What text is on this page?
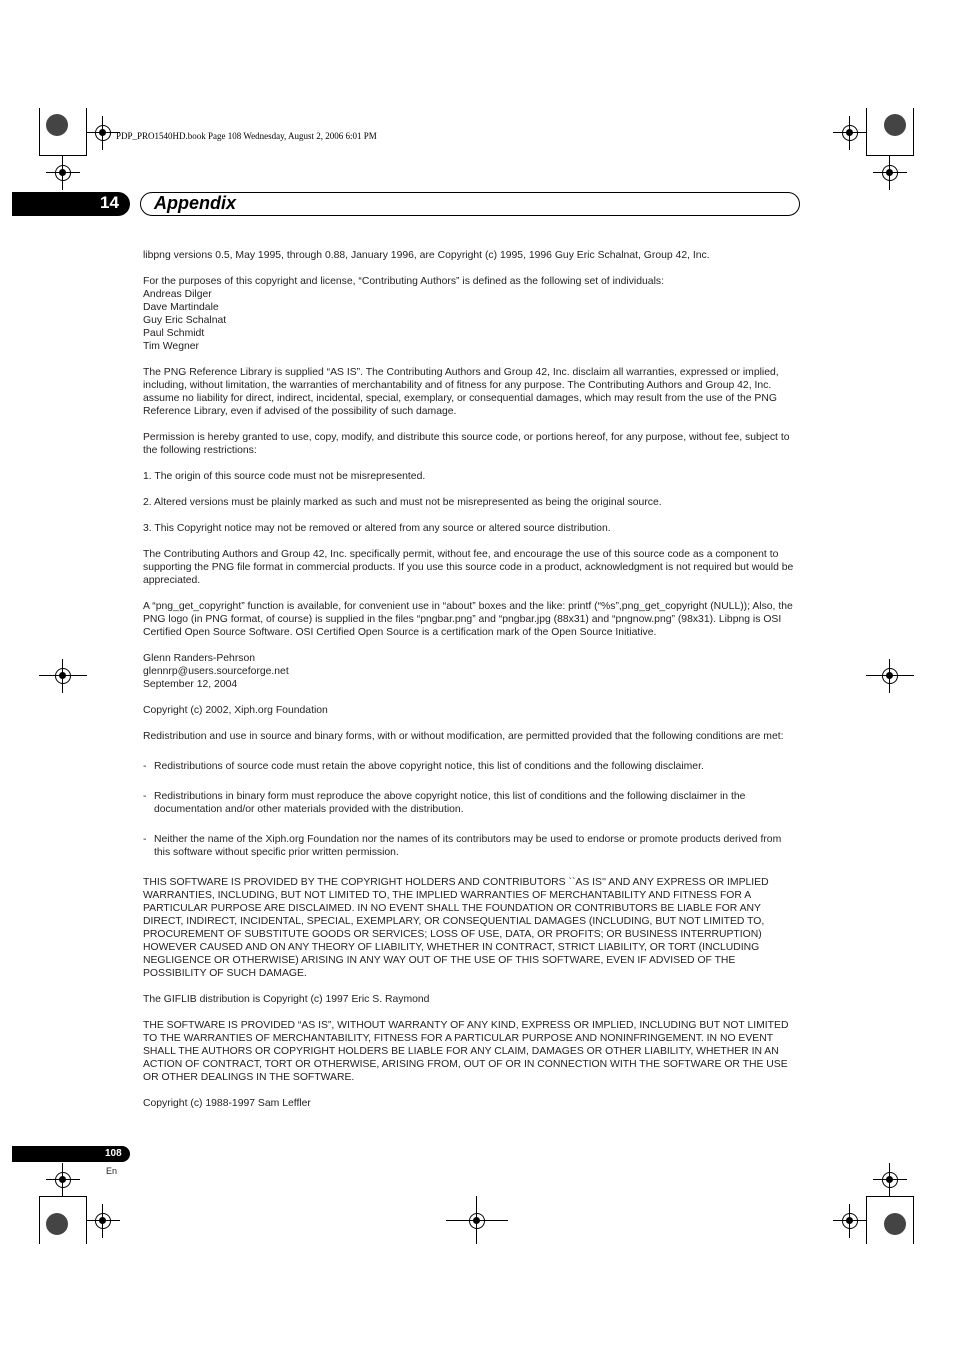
PDP_PRO1540HD.book Page 108 Wednesday, August 2, 2006 6:01 PM
14 Appendix

libpng versions 0.5, May 1995, through 0.88, January 1996, are Copyright (c) 1995, 1996 Guy Eric Schalnat, Group 42, Inc.

For the purposes of this copyright and license, “Contributing Authors” is defined as the following set of individuals:
Andreas Dilger
Dave Martindale
Guy Eric Schalnat
Paul Schmidt
Tim Wegner

The PNG Reference Library is supplied “AS IS”. The Contributing Authors and Group 42, Inc. disclaim all warranties, expressed or implied, including, without limitation, the warranties of merchantability and of fitness for any purpose. The Contributing Authors and Group 42, Inc. assume no liability for direct, indirect, incidental, special, exemplary, or consequential damages, which may result from the use of the PNG Reference Library, even if advised of the possibility of such damage.

Permission is hereby granted to use, copy, modify, and distribute this source code, or portions hereof, for any purpose, without fee, subject to the following restrictions:

1. The origin of this source code must not be misrepresented.

2. Altered versions must be plainly marked as such and must not be misrepresented as being the original source.

3. This Copyright notice may not be removed or altered from any source or altered source distribution.

The Contributing Authors and Group 42, Inc. specifically permit, without fee, and encourage the use of this source code as a component to supporting the PNG file format in commercial products. If you use this source code in a product, acknowledgment is not required but would be appreciated.

A “png_get_copyright” function is available, for convenient use in “about” boxes and the like: printf (“%s”,png_get_copyright (NULL)); Also, the PNG logo (in PNG format, of course) is supplied in the files “pngbar.png” and “pngbar.jpg (88x31) and “pngnow.png” (98x31). Libpng is OSI Certified Open Source Software. OSI Certified Open Source is a certification mark of the Open Source Initiative.

Glenn Randers-Pehrson
glennrp@users.sourceforge.net
September 12, 2004

Copyright (c) 2002, Xiph.org Foundation

Redistribution and use in source and binary forms, with or without modification, are permitted provided that the following conditions are met:

- Redistributions of source code must retain the above copyright notice, this list of conditions and the following disclaimer.
- Redistributions in binary form must reproduce the above copyright notice, this list of conditions and the following disclaimer in the documentation and/or other materials provided with the distribution.
- Neither the name of the Xiph.org Foundation nor the names of its contributors may be used to endorse or promote products derived from this software without specific prior written permission.

THIS SOFTWARE IS PROVIDED BY THE COPYRIGHT HOLDERS AND CONTRIBUTORS ``AS IS'' AND ANY EXPRESS OR IMPLIED WARRANTIES, INCLUDING, BUT NOT LIMITED TO, THE IMPLIED WARRANTIES OF MERCHANTABILITY AND FITNESS FOR A PARTICULAR PURPOSE ARE DISCLAIMED. IN NO EVENT SHALL THE FOUNDATION OR CONTRIBUTORS BE LIABLE FOR ANY DIRECT, INDIRECT, INCIDENTAL, SPECIAL, EXEMPLARY, OR CONSEQUENTIAL DAMAGES (INCLUDING, BUT NOT LIMITED TO, PROCUREMENT OF SUBSTITUTE GOODS OR SERVICES; LOSS OF USE, DATA, OR PROFITS; OR BUSINESS INTERRUPTION) HOWEVER CAUSED AND ON ANY THEORY OF LIABILITY, WHETHER IN CONTRACT, STRICT LIABILITY, OR TORT (INCLUDING NEGLIGENCE OR OTHERWISE) ARISING IN ANY WAY OUT OF THE USE OF THIS SOFTWARE, EVEN IF ADVISED OF THE POSSIBILITY OF SUCH DAMAGE.

The GIFLIB distribution is Copyright (c) 1997 Eric S. Raymond

THE SOFTWARE IS PROVIDED “AS IS”, WITHOUT WARRANTY OF ANY KIND, EXPRESS OR IMPLIED, INCLUDING BUT NOT LIMITED TO THE WARRANTIES OF MERCHANTABILITY, FITNESS FOR A PARTICULAR PURPOSE AND NONINFRINGEMENT. IN NO EVENT SHALL THE AUTHORS OR COPYRIGHT HOLDERS BE LIABLE FOR ANY CLAIM, DAMAGES OR OTHER LIABILITY, WHETHER IN AN ACTION OF CONTRACT, TORT OR OTHERWISE, ARISING FROM, OUT OF OR IN CONNECTION WITH THE SOFTWARE OR THE USE OR OTHER DEALINGS IN THE SOFTWARE.

Copyright (c) 1988-1997 Sam Leffler

108
En
